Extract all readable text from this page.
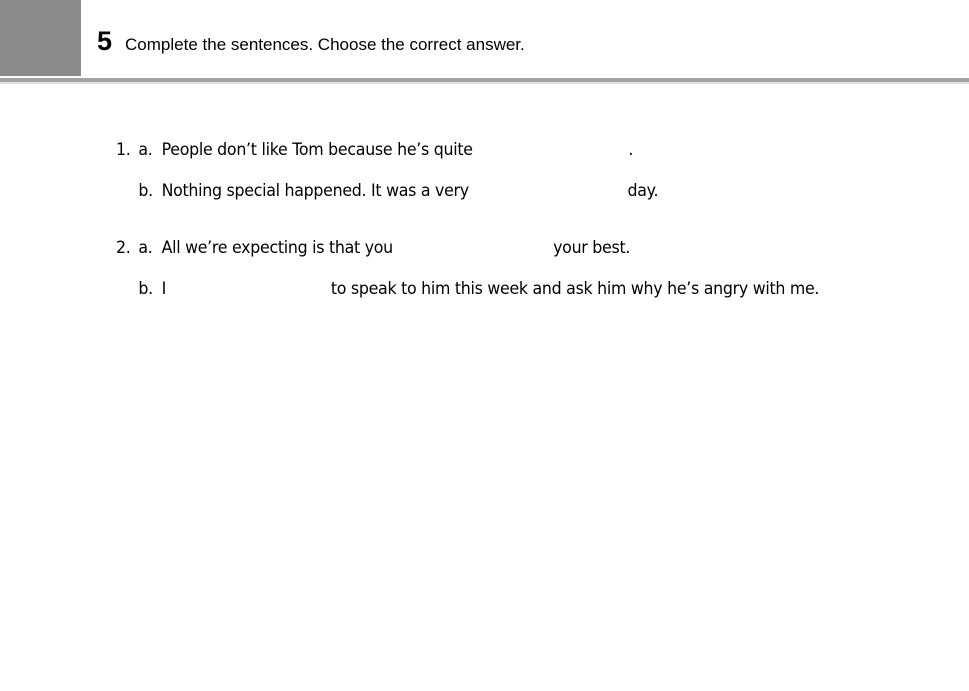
5 Complete the sentences. Choose the correct answer.
1. a. People don’t like Tom because he’s quite	.
b. Nothing special happened. It was a very	day.
2. a. All we’re expecting is that you	your best.
b. I	to speak to him this week and ask him why he’s angry with me.
